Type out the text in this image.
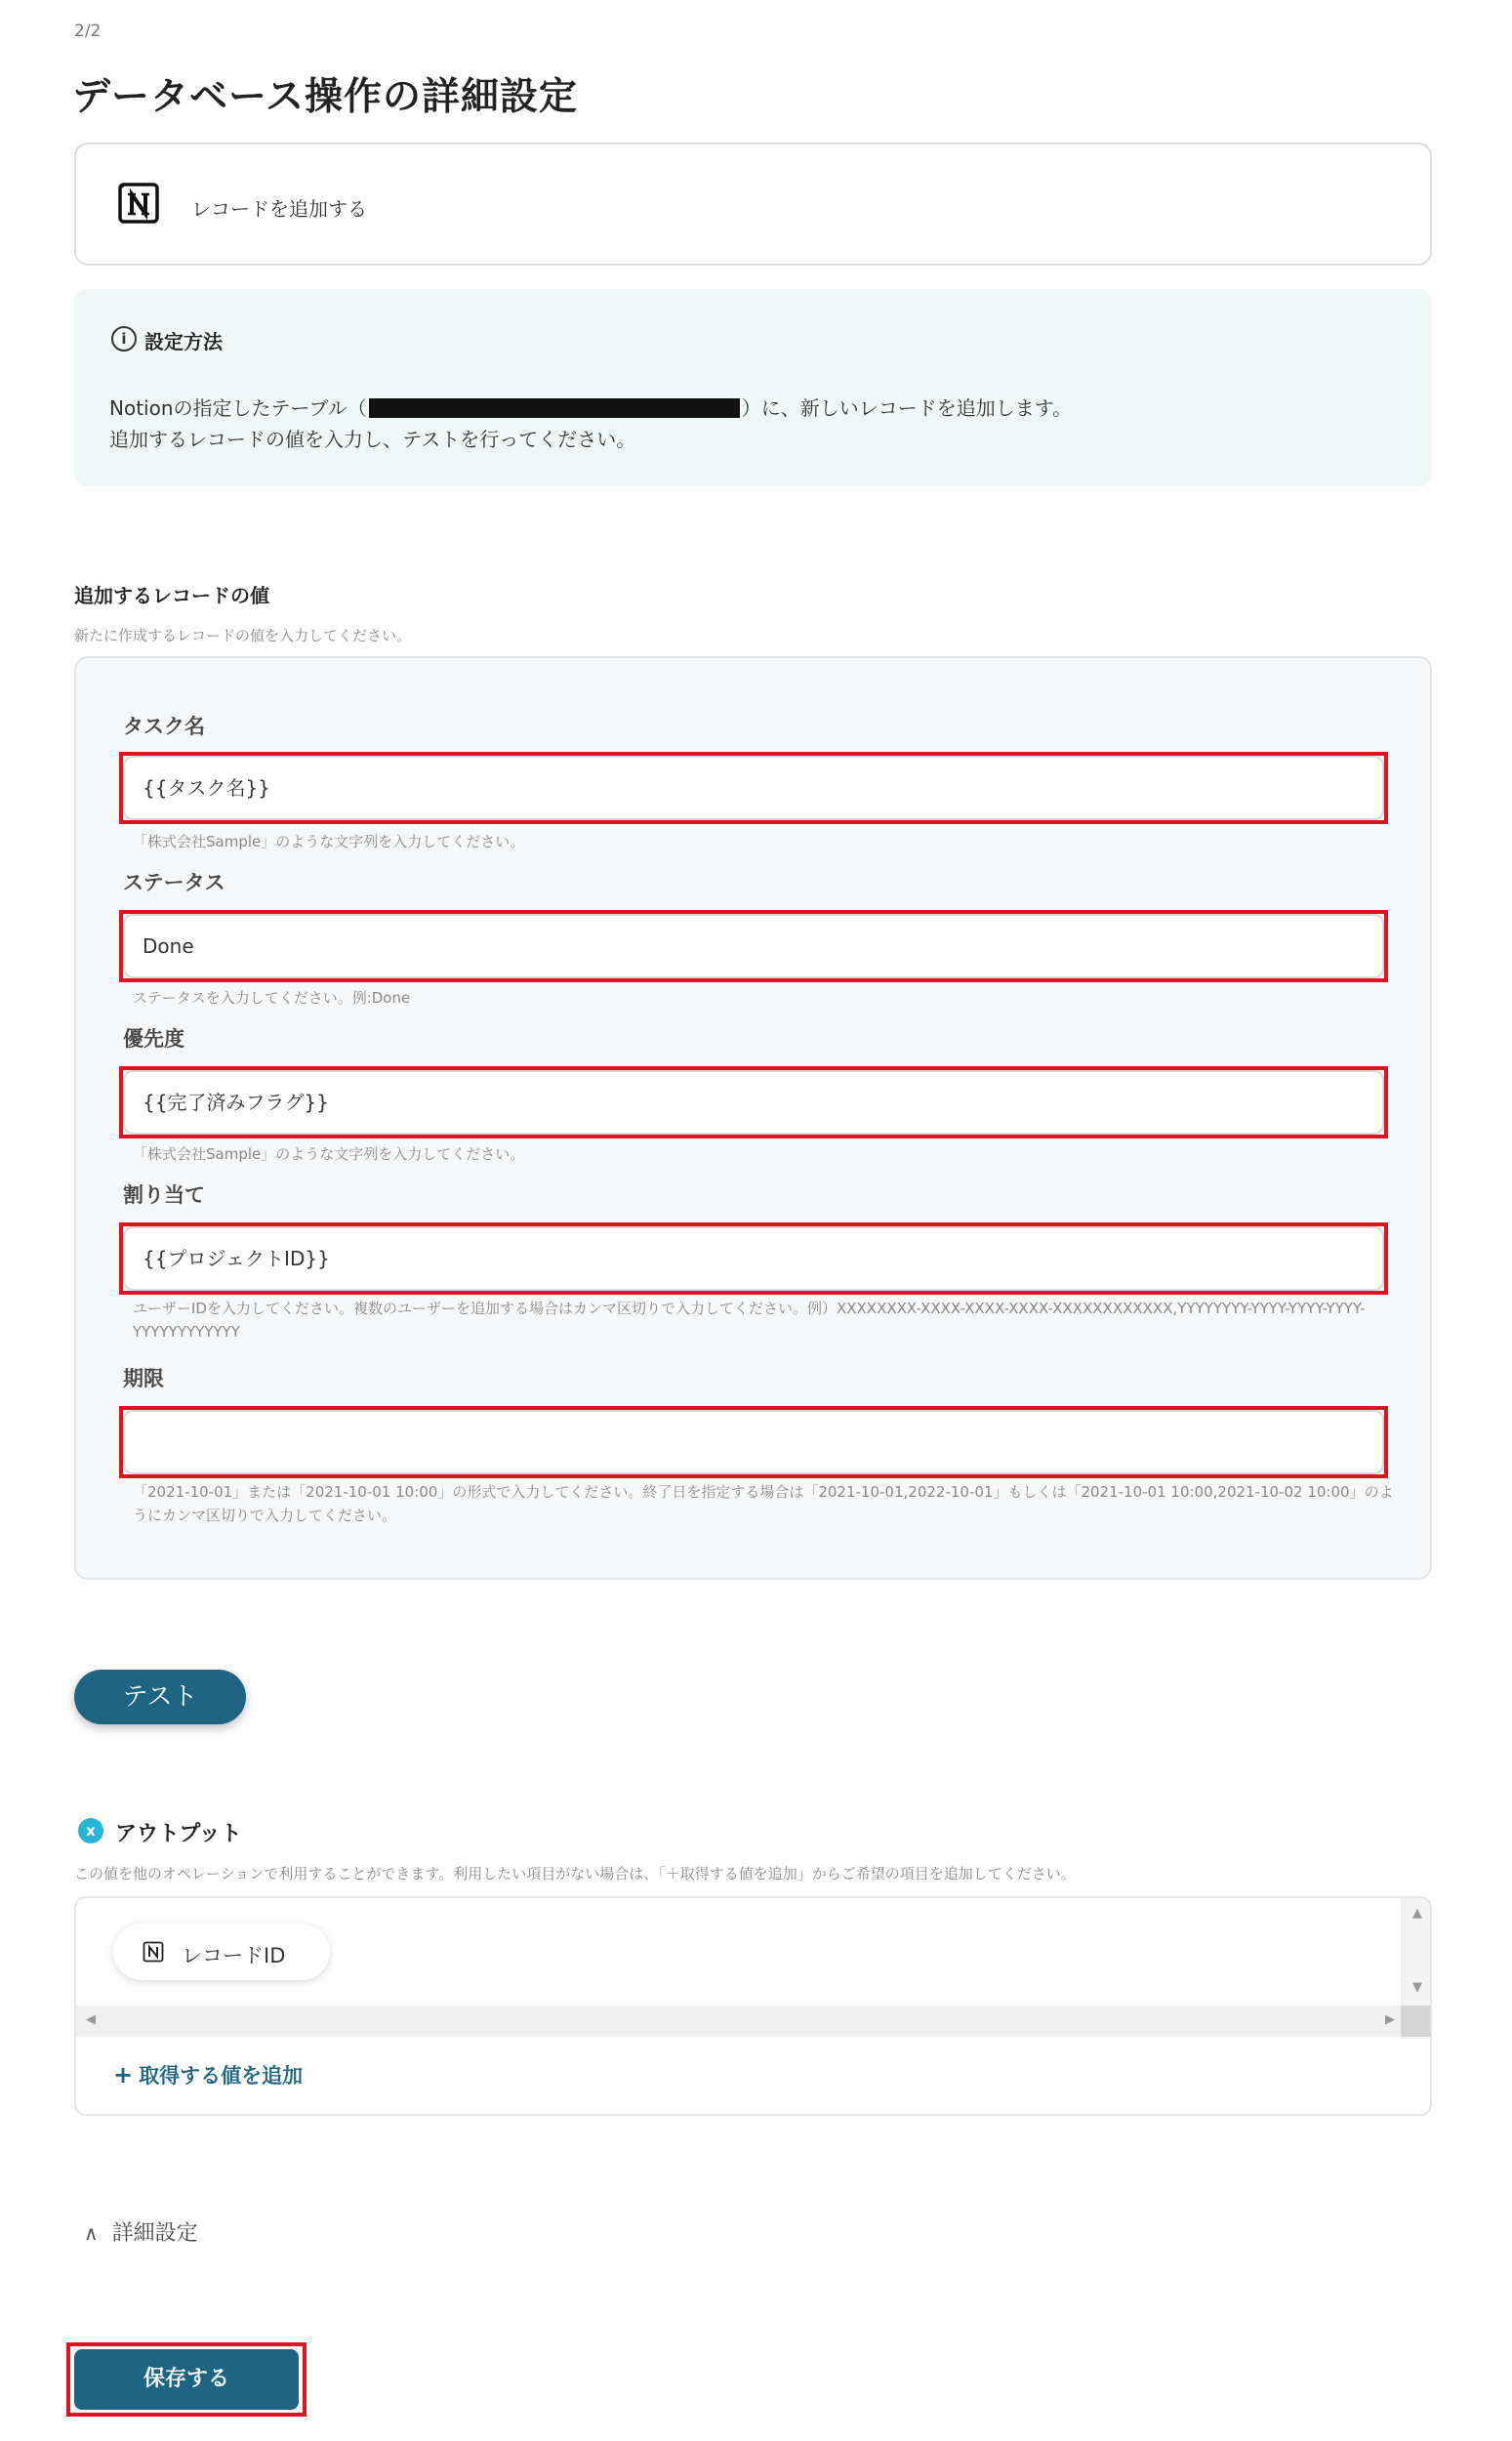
2/2
データベース操作の詳細設定
レコードを追加する
i 設定方法
Notionの指定したテーブル（	）に、新しいレコードを追加します。
追加するレコードの値を入力し、テストを行ってください。
追加するレコードの値
新たに作成するレコードの値を入力してください。
タスク名
{{タスク名}}
「株式会社Sample」のような文字列を入力してください。
ステータス
Done
ステータスを入力してください。例:Done
優先度
{{完了済みフラグ}}
「株式会社Sample」のような文字列を入力してください。
割り当て
{{プロジェクトID}}
ユーザーIDを入力してください。複数のユーザーを追加する場合はカンマ区切りで入力してください。例）XXXXXXXX-XXXX-XXXX-XXXX-XXXXXXXXXXXX,YYYYYYYY-YYYY-YYYY-YYYY-YYYYYYYYYYYY
期限
「2021-10-01」または「2021-10-01 10:00」の形式で入力してください。終了日を指定する場合は「2021-10-01,2022-10-01」もしくは「2021-10-01 10:00,2021-10-02 10:00」のようにカンマ区切りで入力してください。
テスト
x アウトプット
この値を他のオペレーションで利用することができます。利用したい項目がない場合は、「＋取得する値を追加」からご希望の項目を追加してください。
レコードID
▲
▼
◀	▶
+ 取得する値を追加
∧ 詳細設定
保存する
